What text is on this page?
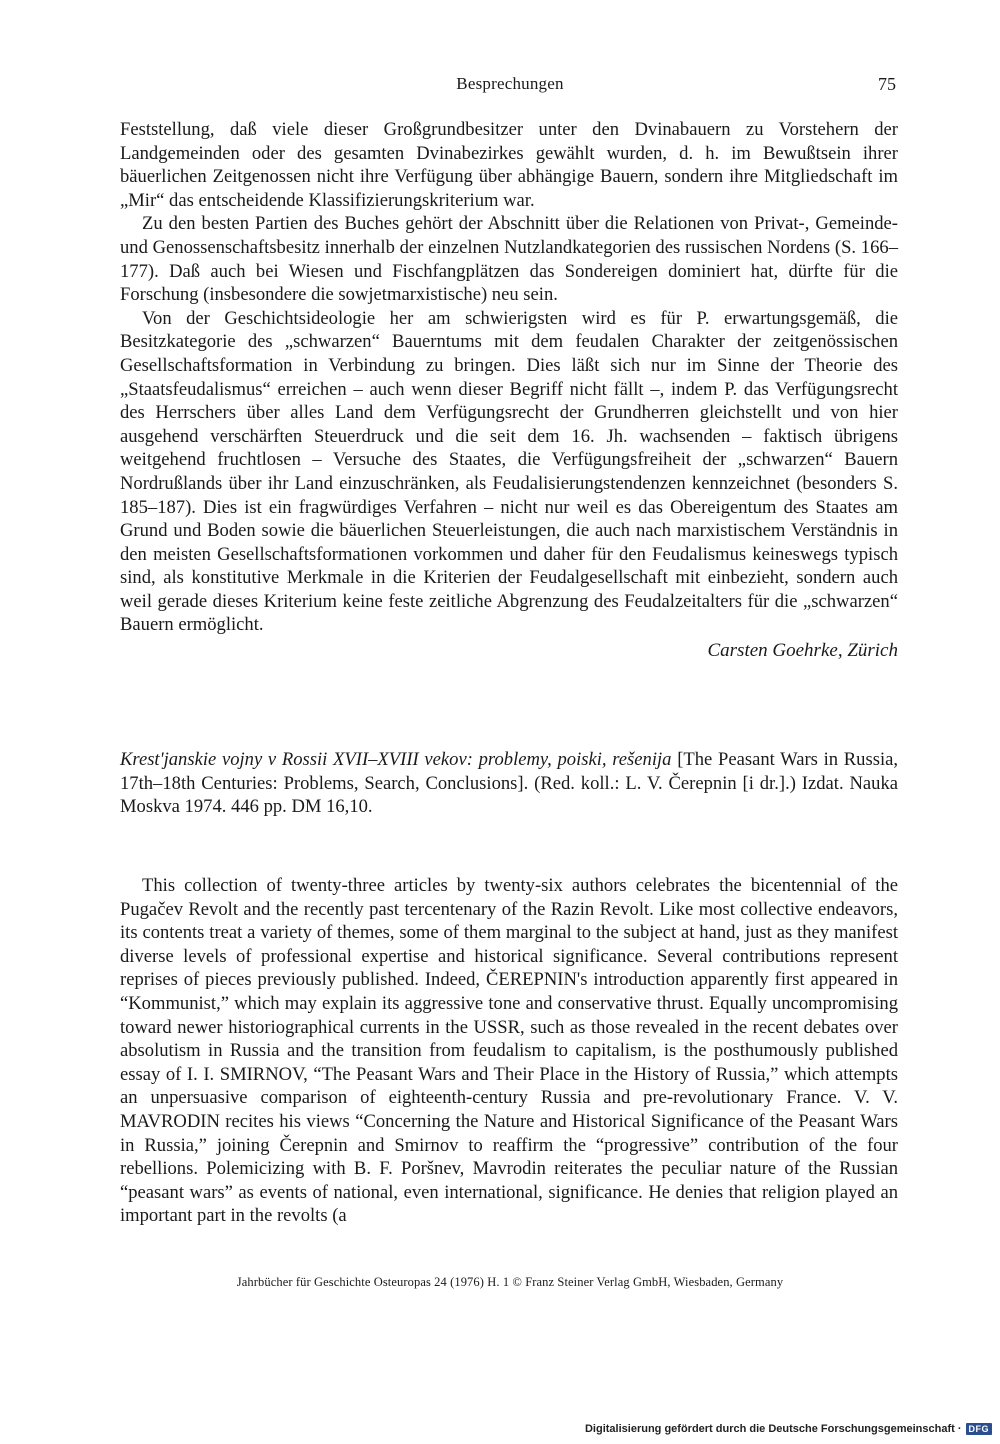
Besprechungen	75

Feststellung, daß viele dieser Großgrundbesitzer unter den Dvinabauern zu Vorstehern der Landgemeinden oder des gesamten Dvinabezirkes gewählt wurden, d. h. im Bewußtsein ihrer bäuerlichen Zeitgenossen nicht ihre Verfügung über abhängige Bauern, sondern ihre Mitgliedschaft im „Mir“ das entscheidende Klassifizierungskriterium war.

Zu den besten Partien des Buches gehört der Abschnitt über die Relationen von Privat-, Gemeinde- und Genossenschaftsbesitz innerhalb der einzelnen Nutzlandkategorien des russischen Nordens (S. 166–177). Daß auch bei Wiesen und Fischfangplätzen das Sondereigen dominiert hat, dürfte für die Forschung (insbesondere die sowjetmarxistische) neu sein.

Von der Geschichtsideologie her am schwierigsten wird es für P. erwartungsgemäß, die Besitzkategorie des „schwarzen“ Bauerntums mit dem feudalen Charakter der zeitgenössischen Gesellschaftsformation in Verbindung zu bringen. Dies läßt sich nur im Sinne der Theorie des „Staatsfeudalismus“ erreichen – auch wenn dieser Begriff nicht fällt –, indem P. das Verfügungsrecht des Herrschers über alles Land dem Verfügungsrecht der Grundherren gleichstellt und von hier ausgehend verschärften Steuerdruck und die seit dem 16. Jh. wachsenden – faktisch übrigens weitgehend fruchtlosen – Versuche des Staates, die Verfügungsfreiheit der „schwarzen“ Bauern Nordrußlands über ihr Land einzuschränken, als Feudalisierungstendenzen kennzeichnet (besonders S. 185–187). Dies ist ein fragwürdiges Verfahren – nicht nur weil es das Obereigentum des Staates am Grund und Boden sowie die bäuerlichen Steuerleistungen, die auch nach marxistischem Verständnis in den meisten Gesellschaftsformationen vorkommen und daher für den Feudalismus keineswegs typisch sind, als konstitutive Merkmale in die Kriterien der Feudalgesellschaft mit einbezieht, sondern auch weil gerade dieses Kriterium keine feste zeitliche Abgrenzung des Feudalzeitalters für die „schwarzen“ Bauern ermöglicht.

Carsten Goehrke, Zürich

Krest'janskie vojny v Rossii XVII–XVIII vekov: problemy, poiski, rešenija [The Peasant Wars in Russia, 17th–18th Centuries: Problems, Search, Conclusions]. (Red. koll.: L. V. Čerepnin [i dr.].) Izdat. Nauka Moskva 1974. 446 pp. DM 16,10.

This collection of twenty-three articles by twenty-six authors celebrates the bicentennial of the Pugačev Revolt and the recently past tercentenary of the Razin Revolt. Like most collective endeavors, its contents treat a variety of themes, some of them marginal to the subject at hand, just as they manifest diverse levels of professional expertise and historical significance. Several contributions represent reprises of pieces previously published. Indeed, ČEREPNIN's introduction apparently first appeared in “Kommunist,” which may explain its aggressive tone and conservative thrust. Equally uncompromising toward newer historiographical currents in the USSR, such as those revealed in the recent debates over absolutism in Russia and the transition from feudalism to capitalism, is the posthumously published essay of I. I. SMIRNOV, “The Peasant Wars and Their Place in the History of Russia,” which attempts an unpersuasive comparison of eighteenth-century Russia and pre-revolutionary France. V. V. MAVRODIN recites his views “Concerning the Nature and Historical Significance of the Peasant Wars in Russia,” joining Čerepnin and Smirnov to reaffirm the “progressive” contribution of the four rebellions. Polemicizing with B. F. Poršnev, Mavrodin reiterates the peculiar nature of the Russian “peasant wars” as events of national, even international, significance. He denies that religion played an important part in the revolts (a

Jahrbücher für Geschichte Osteuropas 24 (1976) H. 1 © Franz Steiner Verlag GmbH, Wiesbaden, Germany
Digitalisierung gefördert durch die Deutsche Forschungsgemeinschaft · DFG
